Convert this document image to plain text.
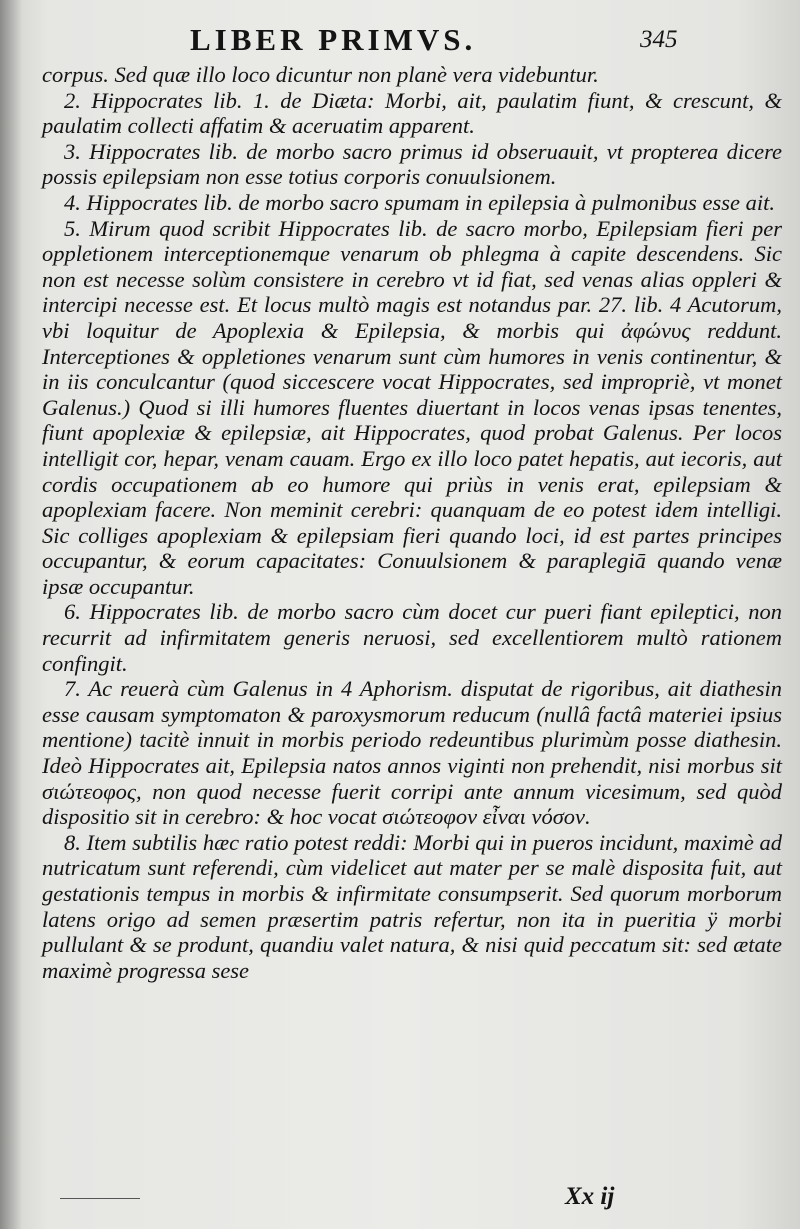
LIBER PRIMVS.	345

corpus. Sed quæ illo loco dicuntur non planè vera videbuntur.

2. Hippocrates lib. 1. de Diæta: Morbi, ait, paulatim fiunt, & crescunt, & paulatim collecti affatim & aceruatim apparent.

3. Hippocrates lib. de morbo sacro primus id obseruauit, vt propterea dicere possis epilepsiam non esse totius corporis conuulsionem.

4. Hippocrates lib. de morbo sacro spumam in epilepsia à pulmonibus esse ait.

5. Mirum quod scribit Hippocrates lib. de sacro morbo, Epilepsiam fieri per oppletionem interceptionemque venarum ob phlegma à capite descendens. Sic non est necesse solùm consistere in cerebro vt id fiat, sed venas alias oppleri & intercipi necesse est. Et locus multò magis est notandus par. 27. lib. 4 Acutorum, vbi loquitur de Apoplexia & Epilepsia, & morbis qui ἀφώνυς reddunt. Interceptiones & oppletiones venarum sunt cùm humores in venis continentur, & in iis conculcantur (quod siccescere vocat Hippocrates, sed impropriè, vt monet Galenus.) Quod si illi humores fluentes diuertant in locos venas ipsas tenentes, fiunt apoplexiæ & epilepsiæ, ait Hippocrates, quod probat Galenus. Per locos intelligit cor, hepar, venam cauam. Ergo ex illo loco patet hepatis, aut iecoris, aut cordis occupationem ab eo humore qui priùs in venis erat, epilepsiam & apoplexiam facere. Non meminit cerebri: quanquam de eo potest idem intelligi. Sic colliges apoplexiam & epilepsiam fieri quando loci, id est partes principes occupantur, & eorum capacitates: Conuulsionem & paraplegiā quando venæ ipsæ occupantur.

6. Hippocrates lib. de morbo sacro cùm docet cur pueri fiant epileptici, non recurrit ad infirmitatem generis neruosi, sed excellentiorem multò rationem confingit.

7. Ac reuerà cùm Galenus in 4 Aphorism. disputat de rigoribus, ait diathesin esse causam symptomaton & paroxysmorum reducum (nullâ factâ materiei ipsius mentione) tacitè innuit in morbis periodo redeuntibus plurimùm posse diathesin. Ideò Hippocrates ait, Epilepsia natos annos viginti non prehendit, nisi morbus sit σιώτεοφος, non quod necesse fuerit corripi ante annum vicesimum, sed quòd dispositio sit in cerebro: & hoc vocat σιώτεοφον εἶναι νόσον.

8. Item subtilis hæc ratio potest reddi: Morbi qui in pueros incidunt, maximè ad nutricatum sunt referendi, cùm videlicet aut mater per se malè disposita fuit, aut gestationis tempus in morbis & infirmitate consumpserit. Sed quorum morborum latens origo ad semen præsertim patris refertur, non ita in pueritia ÿ morbi pullulant & se produnt, quandiu valet natura, & nisi quid peccatum sit: sed ætate maximè progressa sese

Xx ij
